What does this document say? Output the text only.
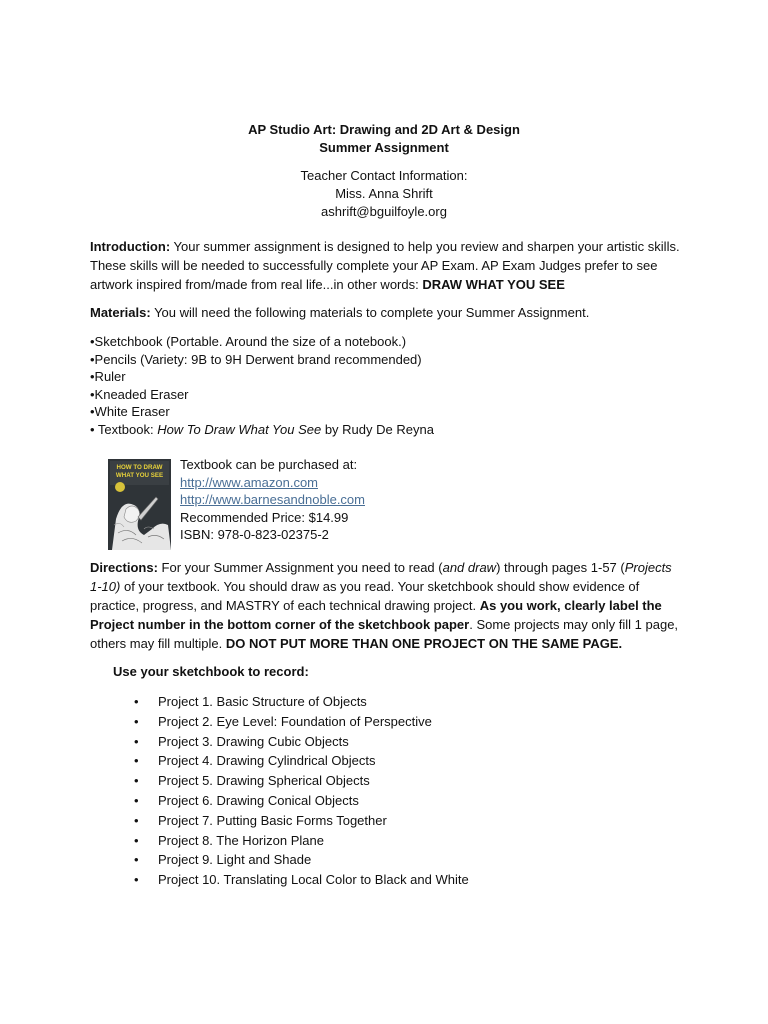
AP Studio Art: Drawing and 2D Art & Design
Summer Assignment
Teacher Contact Information:
Miss. Anna Shrift
ashrift@bguilfoyle.org
Introduction: Your summer assignment is designed to help you review and sharpen your artistic skills. These skills will be needed to successfully complete your AP Exam. AP Exam Judges prefer to see artwork inspired from/made from real life...in other words: DRAW WHAT YOU SEE
Materials: You will need the following materials to complete your Summer Assignment.
•Sketchbook (Portable. Around the size of a notebook.)
•Pencils (Variety: 9B to 9H Derwent brand recommended)
•Ruler
•Kneaded Eraser
•White Eraser
• Textbook: How To Draw What You See by Rudy De Reyna
HOW TO DRAW
WHAT YOU SEE
Textbook can be purchased at:
http://www.amazon.com
http://www.barnesandnoble.com
Recommended Price: $14.99
ISBN: 978-0-823-02375-2
Directions: For your Summer Assignment you need to read (and draw) through pages 1-57 (Projects 1-10) of your textbook. You should draw as you read. Your sketchbook should show evidence of practice, progress, and MASTRY of each technical drawing project. As you work, clearly label the Project number in the bottom corner of the sketchbook paper. Some projects may only fill 1 page, others may fill multiple. DO NOT PUT MORE THAN ONE PROJECT ON THE SAME PAGE.
Use your sketchbook to record:
• Project 1. Basic Structure of Objects
• Project 2. Eye Level: Foundation of Perspective
• Project 3. Drawing Cubic Objects
• Project 4. Drawing Cylindrical Objects
• Project 5. Drawing Spherical Objects
• Project 6. Drawing Conical Objects
• Project 7. Putting Basic Forms Together
• Project 8. The Horizon Plane
• Project 9. Light and Shade
• Project 10. Translating Local Color to Black and White
